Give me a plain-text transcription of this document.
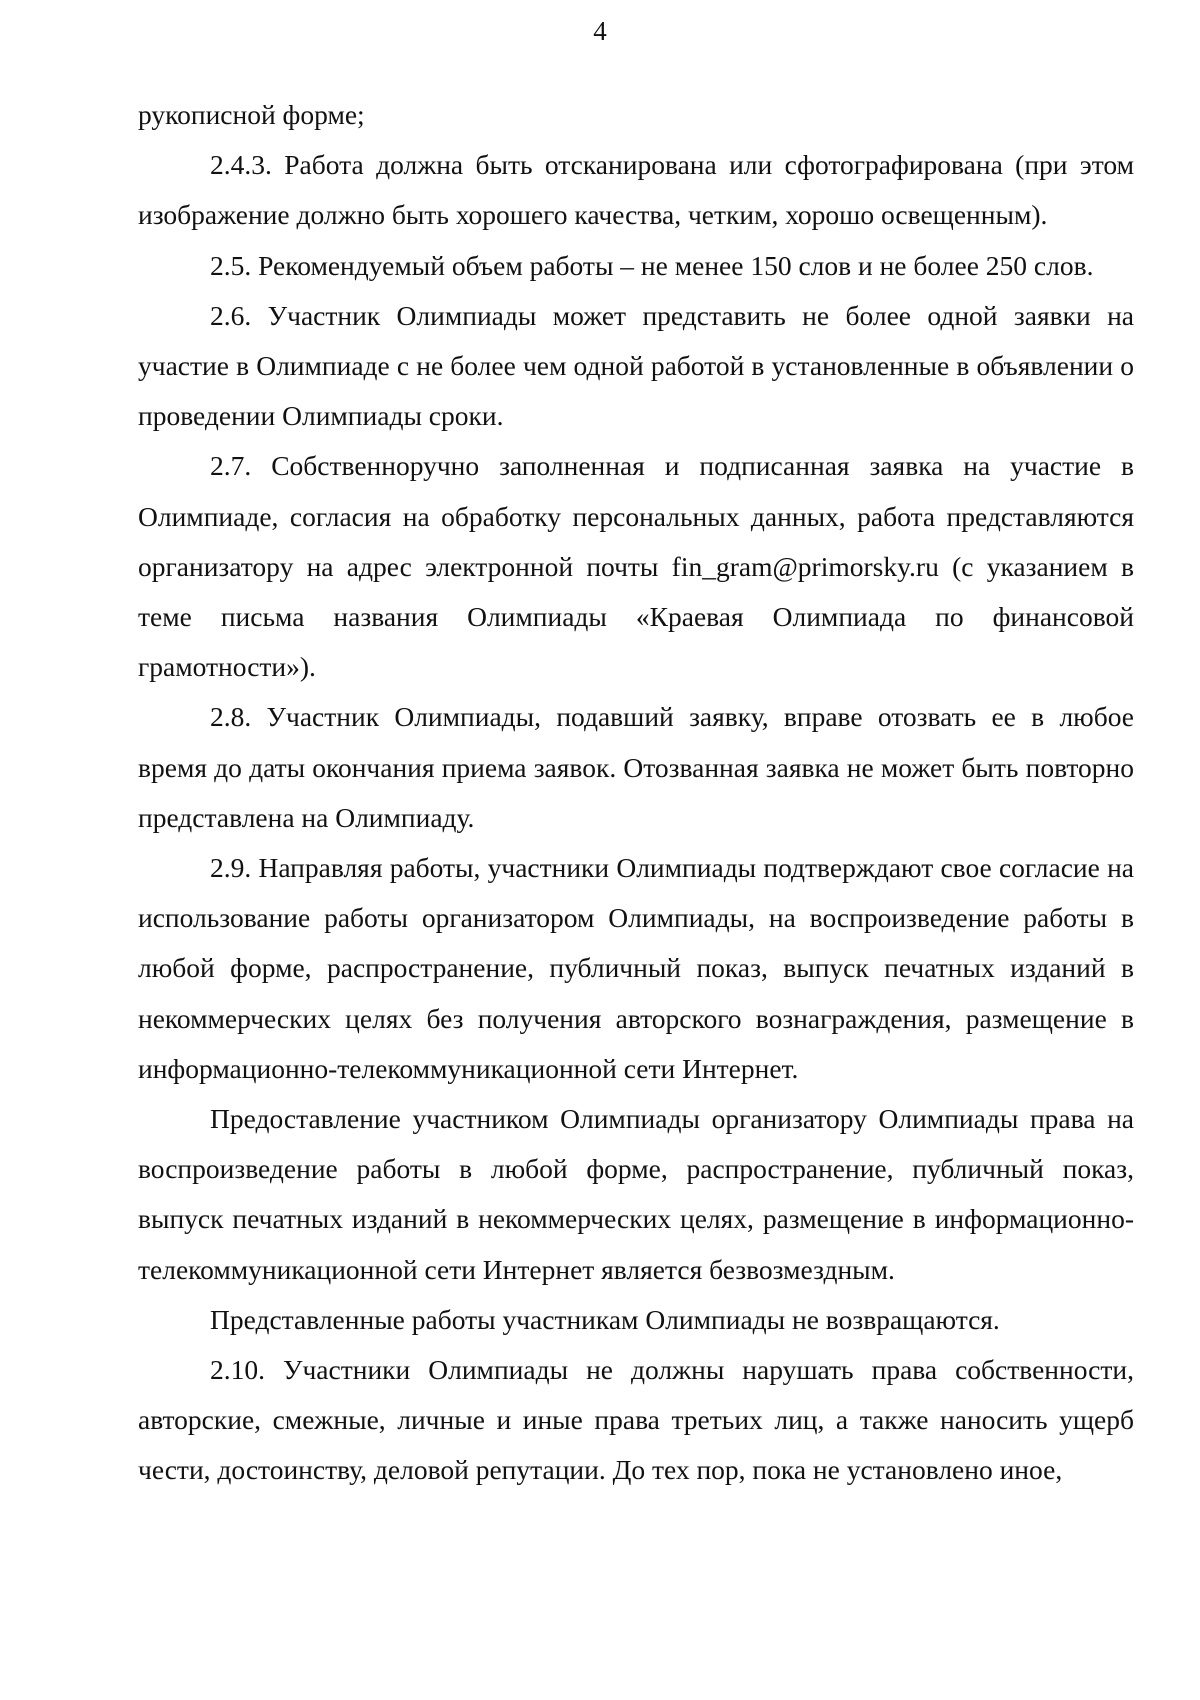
4

рукописной форме;

2.4.3. Работа должна быть отсканирована или сфотографирована (при этом изображение должно быть хорошего качества, четким, хорошо освещенным).

2.5. Рекомендуемый объем работы – не менее 150 слов и не более 250 слов.

2.6. Участник Олимпиады может представить не более одной заявки на участие в Олимпиаде с не более чем одной работой в установленные в объявлении о проведении Олимпиады сроки.

2.7. Собственноручно заполненная и подписанная заявка на участие в Олимпиаде, согласия на обработку персональных данных, работа представляются организатору на адрес электронной почты fin_gram@primorsky.ru (с указанием в теме письма названия Олимпиады «Краевая Олимпиада по финансовой грамотности»).

2.8. Участник Олимпиады, подавший заявку, вправе отозвать ее в любое время до даты окончания приема заявок. Отозванная заявка не может быть повторно представлена на Олимпиаду.

2.9. Направляя работы, участники Олимпиады подтверждают свое согласие на использование работы организатором Олимпиады, на воспроизведение работы в любой форме, распространение, публичный показ, выпуск печатных изданий в некоммерческих целях без получения авторского вознаграждения, размещение в информационно-телекоммуникационной сети Интернет.

Предоставление участником Олимпиады организатору Олимпиады права на воспроизведение работы в любой форме, распространение, публичный показ, выпуск печатных изданий в некоммерческих целях, размещение в информационно-телекоммуникационной сети Интернет является безвозмездным.

Представленные работы участникам Олимпиады не возвращаются.

2.10. Участники Олимпиады не должны нарушать права собственности, авторские, смежные, личные и иные права третьих лиц, а также наносить ущерб чести, достоинству, деловой репутации. До тех пор, пока не установлено иное,
